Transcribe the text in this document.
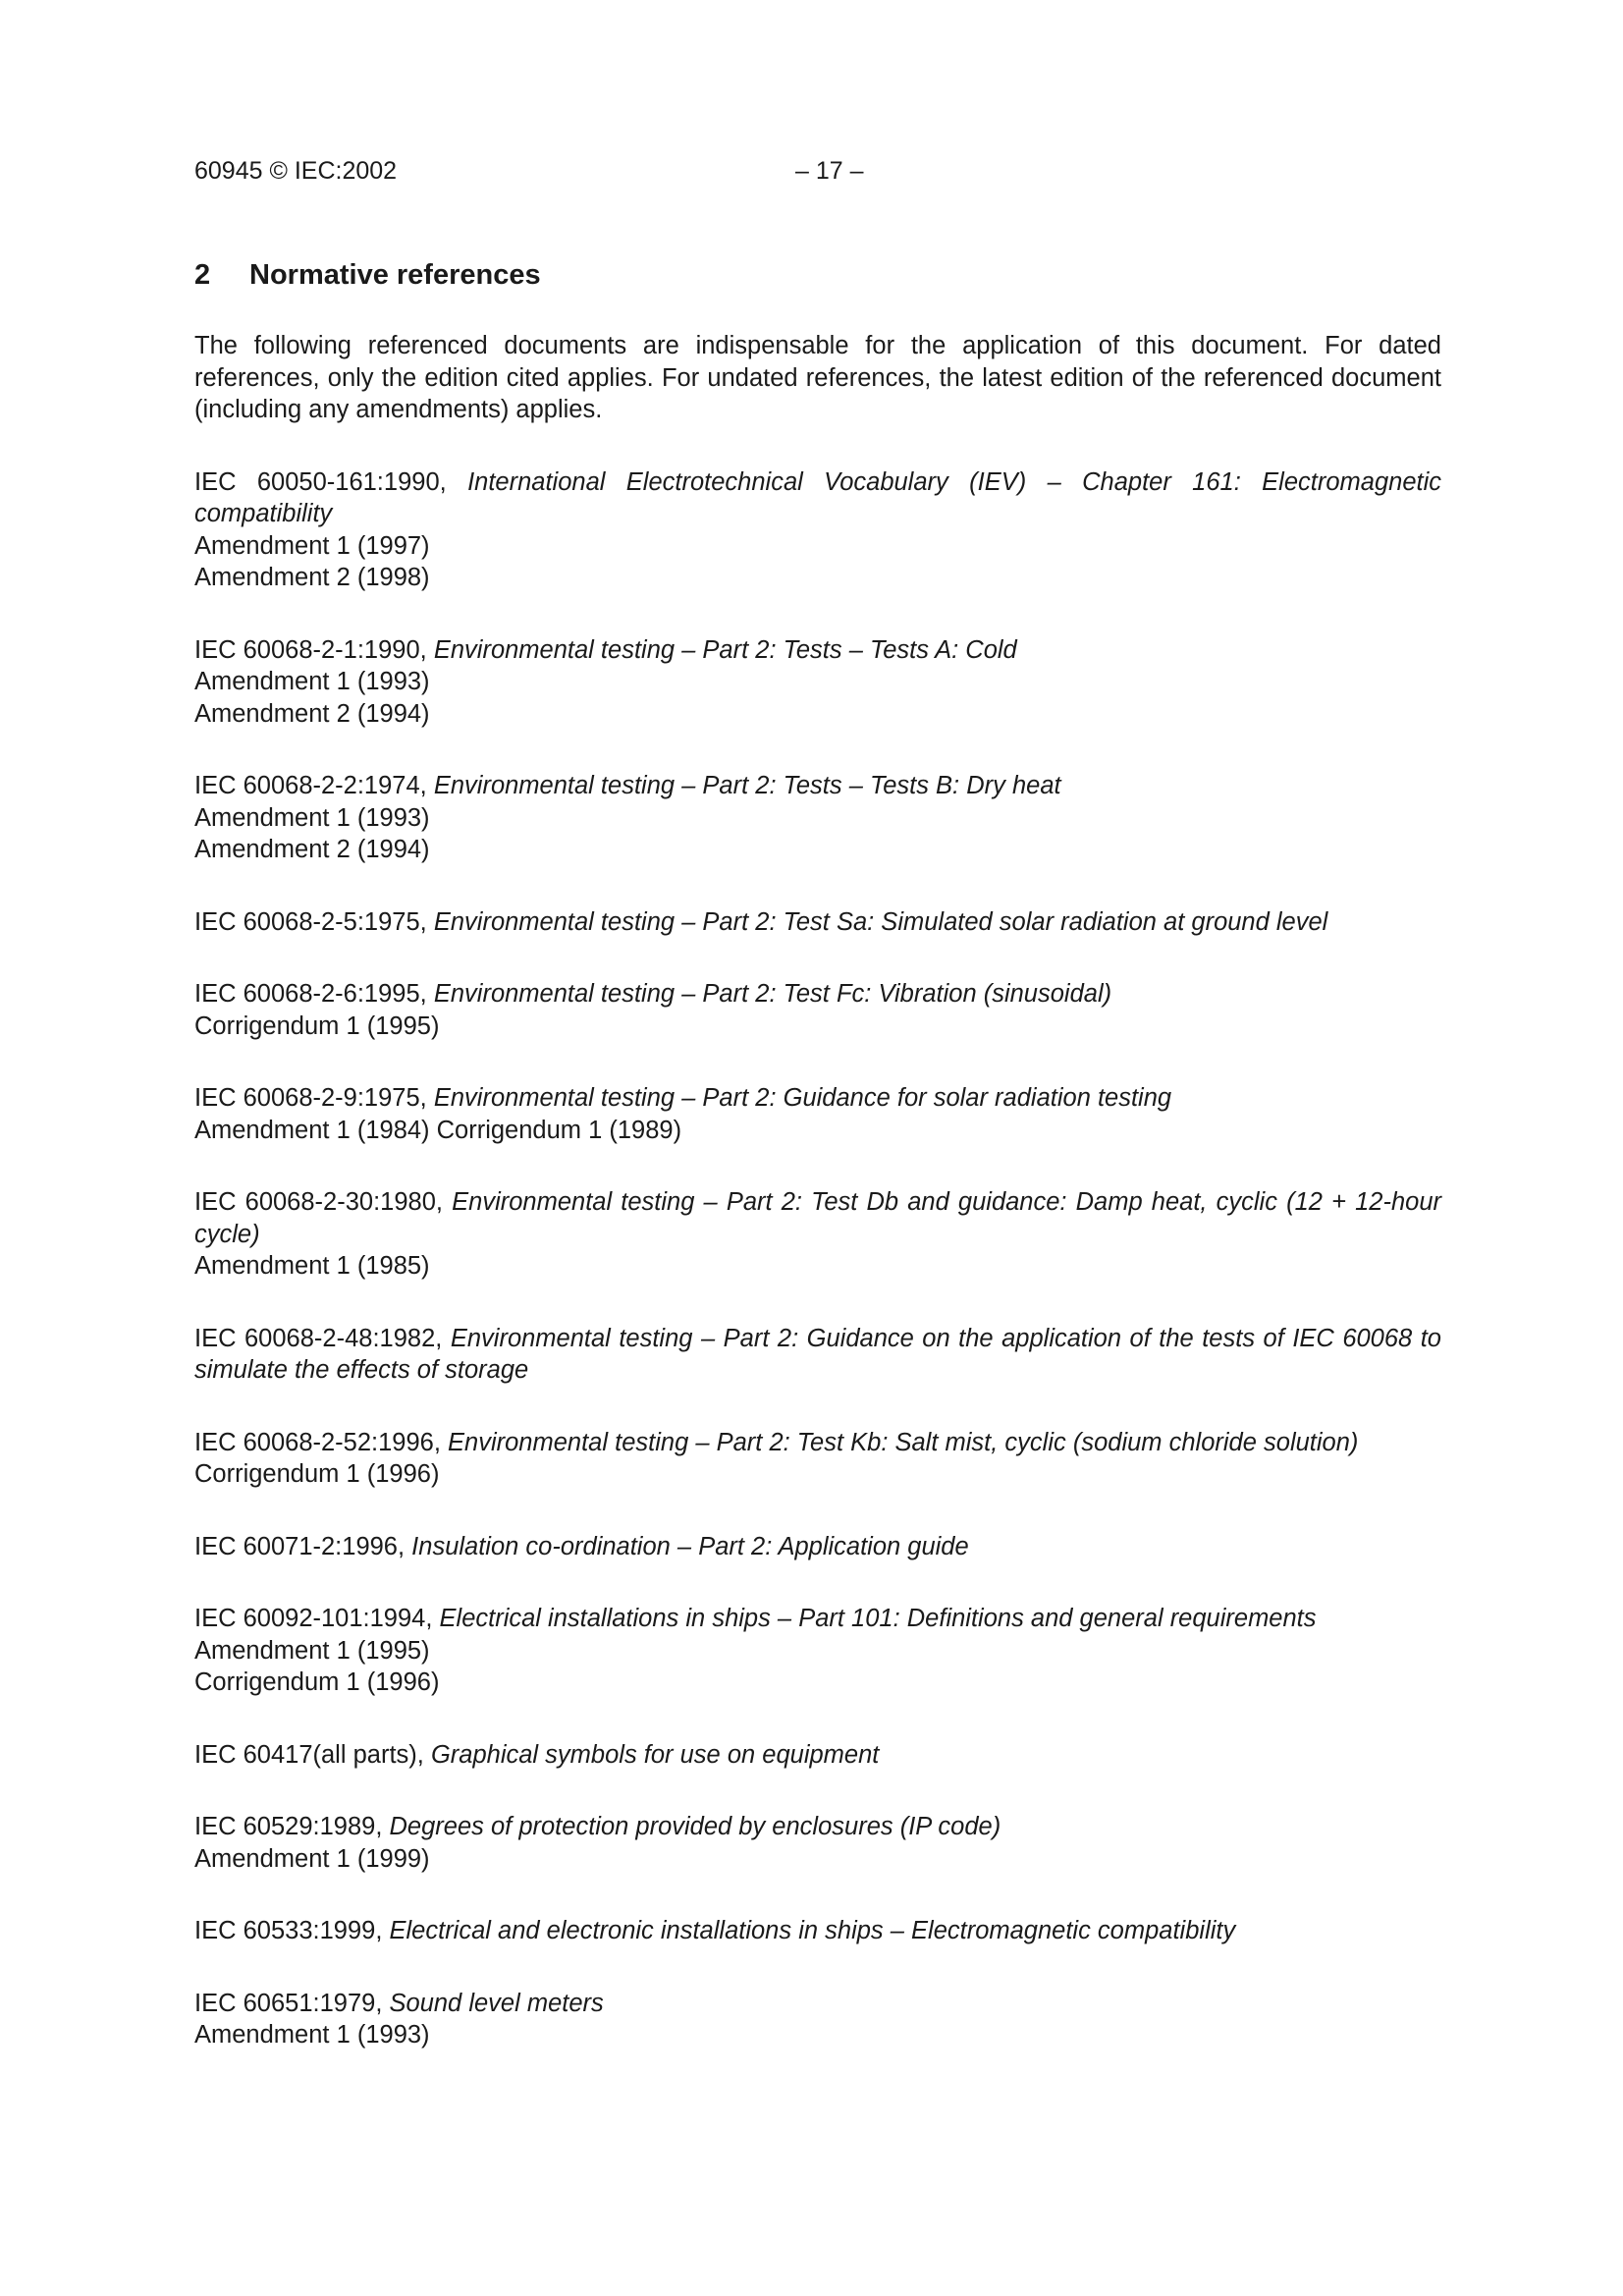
60945 © IEC:2002	– 17 –
2 Normative references

The following referenced documents are indispensable for the application of this document. For dated references, only the edition cited applies. For undated references, the latest edition of the referenced document (including any amendments) applies.

IEC 60050-161:1990, International Electrotechnical Vocabulary (IEV) – Chapter 161: Electromagnetic compatibility
Amendment 1 (1997)
Amendment 2 (1998)
IEC 60068-2-1:1990, Environmental testing – Part 2: Tests – Tests A: Cold
Amendment 1 (1993)
Amendment 2 (1994)
IEC 60068-2-2:1974, Environmental testing – Part 2: Tests – Tests B: Dry heat
Amendment 1 (1993)
Amendment 2 (1994)
IEC 60068-2-5:1975, Environmental testing – Part 2: Test Sa: Simulated solar radiation at ground level
IEC 60068-2-6:1995, Environmental testing – Part 2: Test Fc: Vibration (sinusoidal)
Corrigendum 1 (1995)
IEC 60068-2-9:1975, Environmental testing – Part 2: Guidance for solar radiation testing
Amendment 1 (1984) Corrigendum 1 (1989)
IEC 60068-2-30:1980, Environmental testing – Part 2: Test Db and guidance: Damp heat, cyclic (12 + 12-hour cycle)
Amendment 1 (1985)
IEC 60068-2-48:1982, Environmental testing – Part 2: Guidance on the application of the tests of IEC 60068 to simulate the effects of storage
IEC 60068-2-52:1996, Environmental testing – Part 2: Test Kb: Salt mist, cyclic (sodium chloride solution)
Corrigendum 1 (1996)
IEC 60071-2:1996, Insulation co-ordination – Part 2: Application guide
IEC 60092-101:1994, Electrical installations in ships – Part 101: Definitions and general requirements
Amendment 1 (1995)
Corrigendum 1 (1996)
IEC 60417(all parts), Graphical symbols for use on equipment
IEC 60529:1989, Degrees of protection provided by enclosures (IP code)
Amendment 1 (1999)
IEC 60533:1999, Electrical and electronic installations in ships – Electromagnetic compatibility
IEC 60651:1979, Sound level meters
Amendment 1 (1993)
